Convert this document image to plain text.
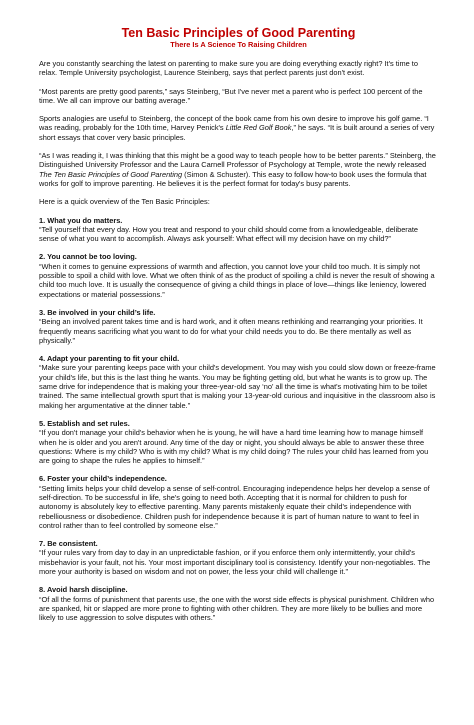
Ten Basic Principles of Good Parenting
There Is A Science To Raising Children

Are you constantly searching the latest on parenting to make sure you are doing everything exactly right? It's time to relax. Temple University psychologist, Laurence Steinberg, says that perfect parents just don't exist.

“Most parents are pretty good parents,” says Steinberg, “But I've never met a parent who is perfect 100 percent of the time. We all can improve our batting average.”

Sports analogies are useful to Steinberg, the concept of the book came from his own desire to improve his golf game. “I was reading, probably for the 10th time, Harvey Penick's Little Red Golf Book,” he says. “It is built around a series of very short essays that cover very basic principles.

“As I was reading it, I was thinking that this might be a good way to teach people how to be better parents.” Steinberg, the Distinguished University Professor and the Laura Carnell Professor of Psychology at Temple, wrote the newly released The Ten Basic Principles of Good Parenting (Simon & Schuster). This easy to follow how-to book uses the formula that works for golf to improve parenting. He believes it is the perfect format for today's busy parents.

Here is a quick overview of the Ten Basic Principles:

1. What you do matters.

“Tell yourself that every day. How you treat and respond to your child should come from a knowledgeable, deliberate sense of what you want to accomplish. Always ask yourself: What effect will my decision have on my child?”

2. You cannot be too loving.

“When it comes to genuine expressions of warmth and affection, you cannot love your child too much. It is simply not possible to spoil a child with love. What we often think of as the product of spoiling a child is never the result of showing a child too much love. It is usually the consequence of giving a child things in place of love—things like leniency, lowered expectations or material possessions.”

3. Be involved in your child’s life.

“Being an involved parent takes time and is hard work, and it often means rethinking and rearranging your priorities. It frequently means sacrificing what you want to do for what your child needs you to do. Be there mentally as well as physically.”

4. Adapt your parenting to fit your child.

“Make sure your parenting keeps pace with your child's development. You may wish you could slow down or freeze-frame your child's life, but this is the last thing he wants. You may be fighting getting old, but what he wants is to grow up. The same drive for independence that is making your three-year-old say ‘no’ all the time is what's motivating him to be toilet trained. The same intellectual growth spurt that is making your 13-year-old curious and inquisitive in the classroom also is making her argumentative at the dinner table.”

5. Establish and set rules.

“If you don't manage your child's behavior when he is young, he will have a hard time learning how to manage himself when he is older and you aren't around. Any time of the day or night, you should always be able to answer these three questions: Where is my child? Who is with my child? What is my child doing? The rules your child has learned from you are going to shape the rules he applies to himself.”

6. Foster your child’s independence.

“Setting limits helps your child develop a sense of self-control. Encouraging independence helps her develop a sense of self-direction. To be successful in life, she's going to need both. Accepting that it is normal for children to push for autonomy is absolutely key to effective parenting. Many parents mistakenly equate their child's independence with rebelliousness or disobedience. Children push for independence because it is part of human nature to want to feel in control rather than to feel controlled by someone else.”

7. Be consistent.

“If your rules vary from day to day in an unpredictable fashion, or if you enforce them only intermittently, your child's misbehavior is your fault, not his. Your most important disciplinary tool is consistency. Identify your non-negotiables. The more your authority is based on wisdom and not on power, the less your child will challenge it.”

8. Avoid harsh discipline.

“Of all the forms of punishment that parents use, the one with the worst side effects is physical punishment. Children who are spanked, hit or slapped are more prone to fighting with other children. They are more likely to be bullies and more likely to use aggression to solve disputes with others.”
